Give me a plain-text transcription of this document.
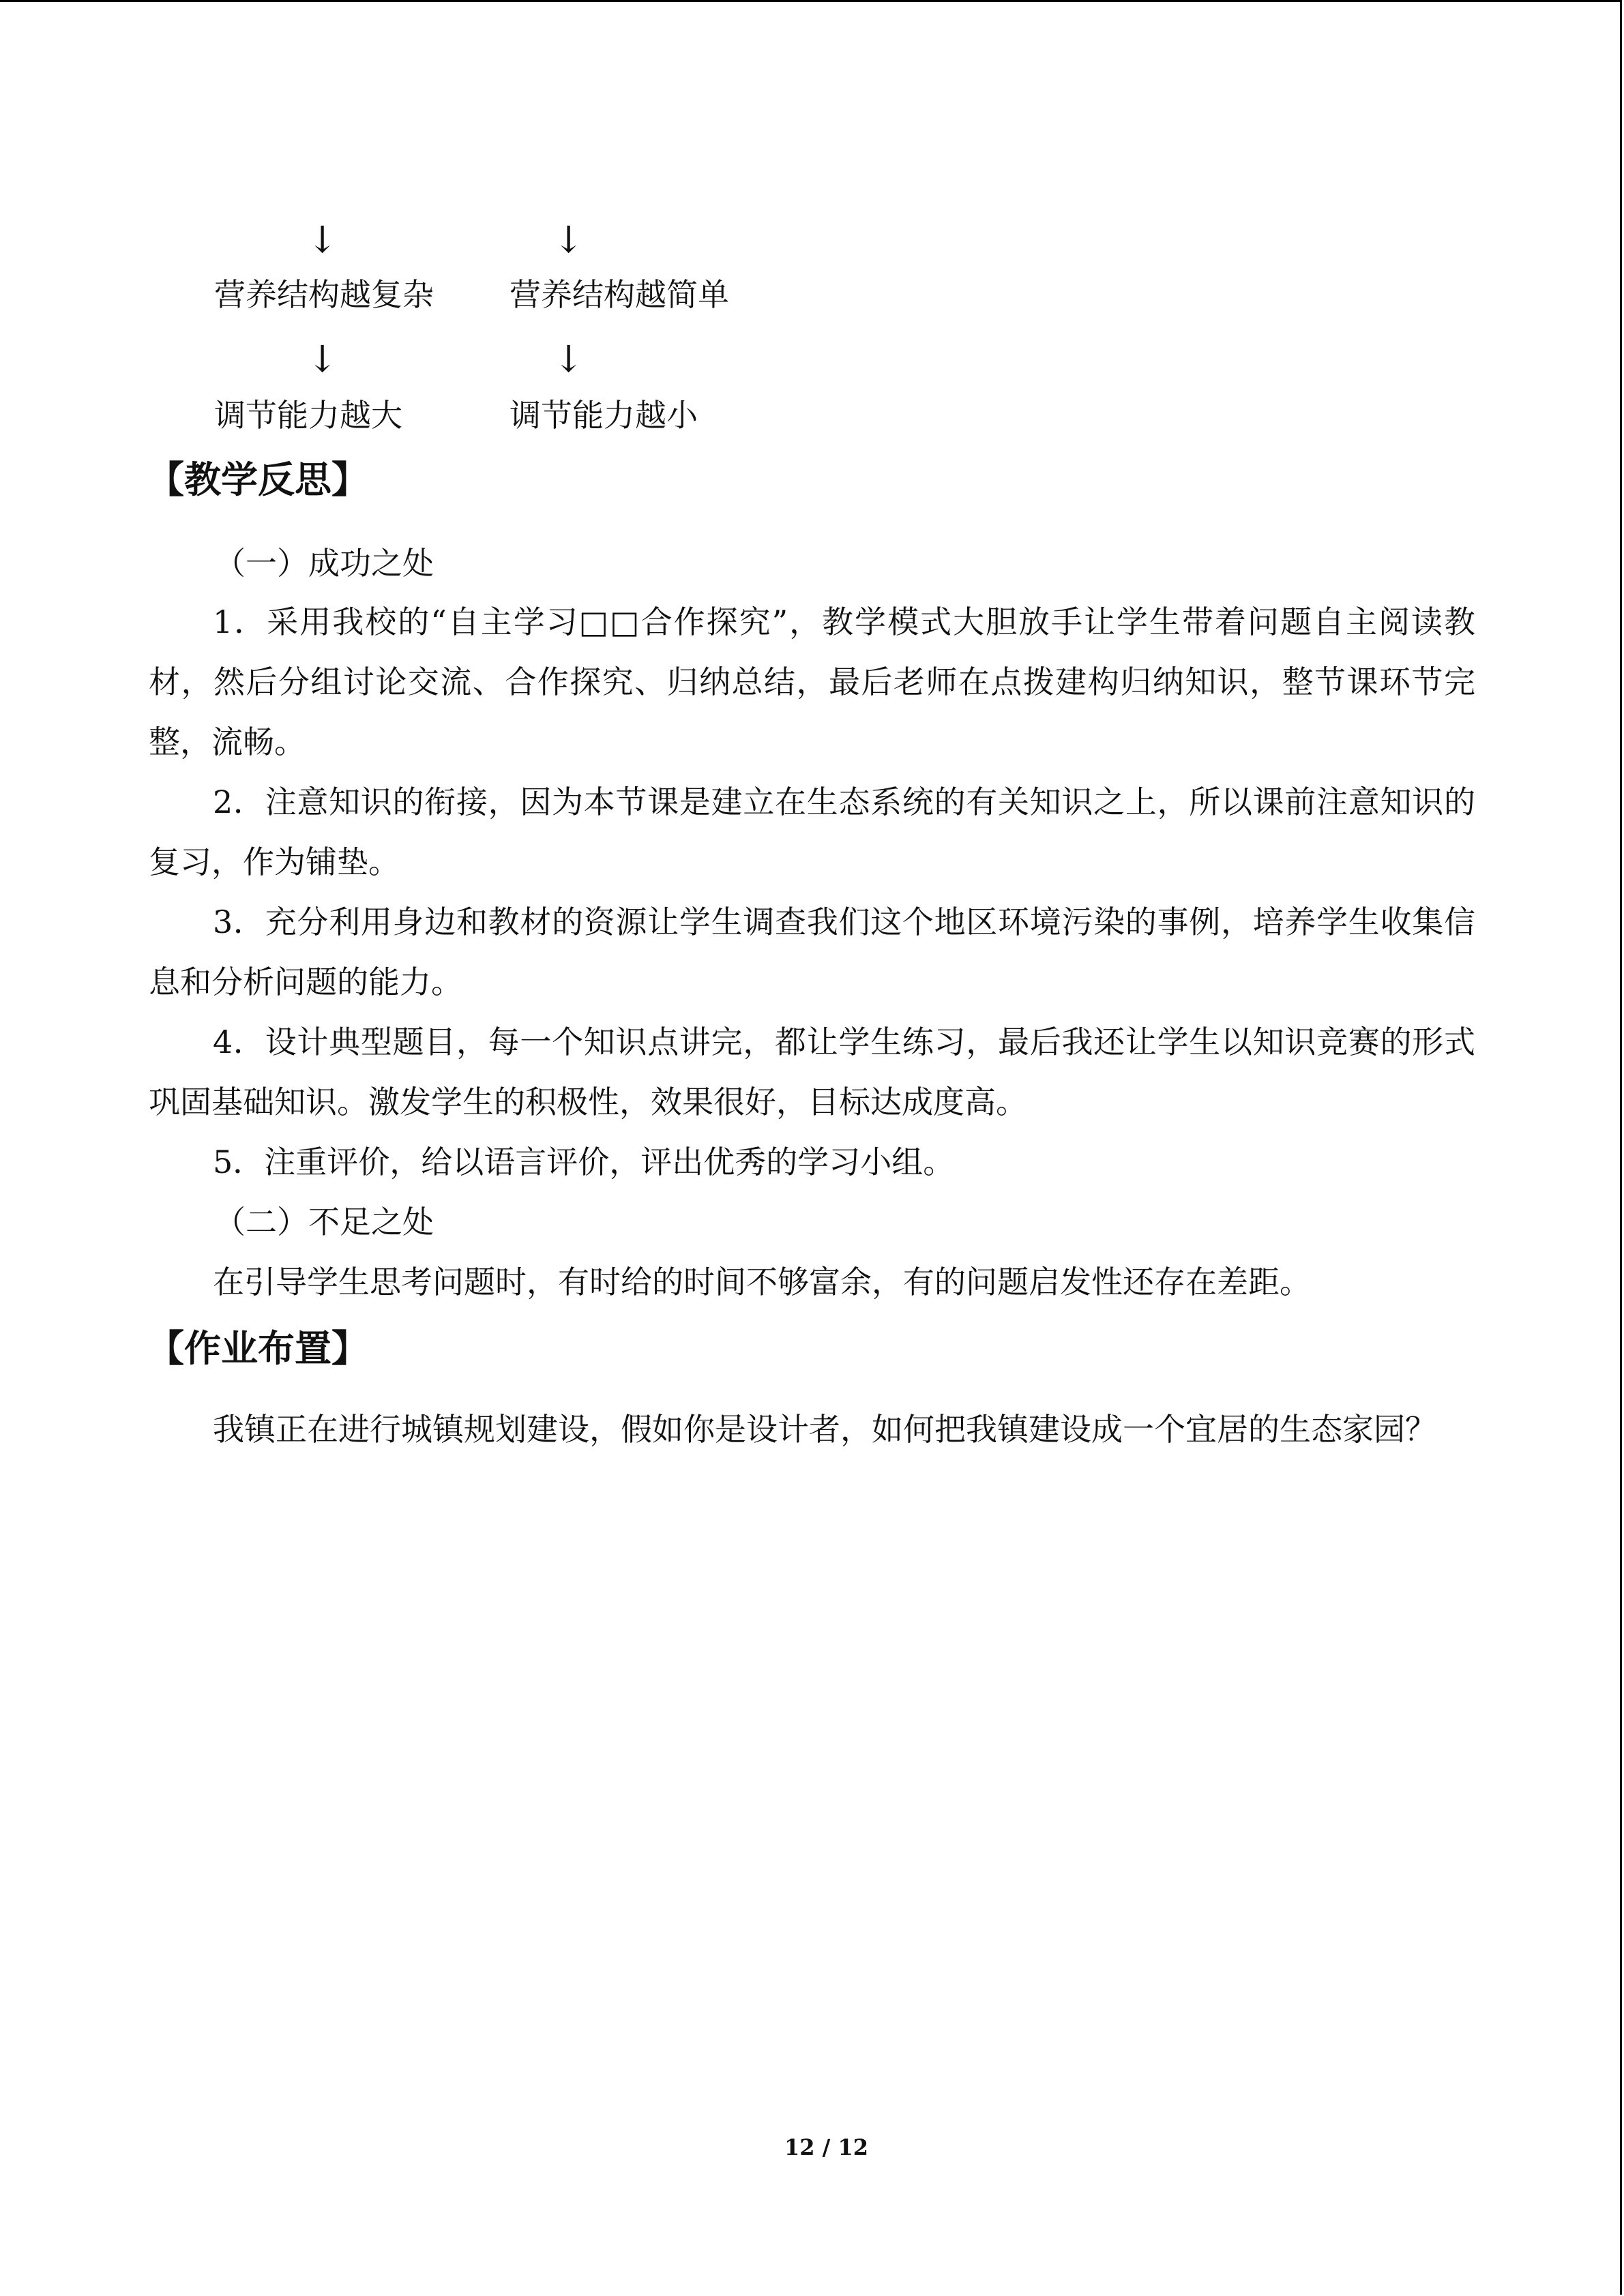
↓	↓
营养结构越复杂 营养结构越简单
↓	↓
调节能力越大	调节能力越小
【教学反思】
（一）成功之处
1．采用我校的“自主学习□□合作探究”，教学模式大胆放手让学生带着问题自主阅读教材，然后分组讨论交流、合作探究、归纳总结，最后老师在点拨建构归纳知识，整节课环节完整，流畅。
2．注意知识的衔接，因为本节课是建立在生态系统的有关知识之上，所以课前注意知识的复习，作为铺垫。
3．充分利用身边和教材的资源让学生调查我们这个地区环境污染的事例，培养学生收集信息和分析问题的能力。
4．设计典型题目，每一个知识点讲完，都让学生练习，最后我还让学生以知识竞赛的形式巩固基础知识。激发学生的积极性，效果很好，目标达成度高。
5．注重评价，给以语言评价，评出优秀的学习小组。
（二）不足之处
在引导学生思考问题时，有时给的时间不够富余，有的问题启发性还存在差距。
【作业布置】
我镇正在进行城镇规划建设，假如你是设计者，如何把我镇建设成一个宜居的生态家园？
12 / 12
